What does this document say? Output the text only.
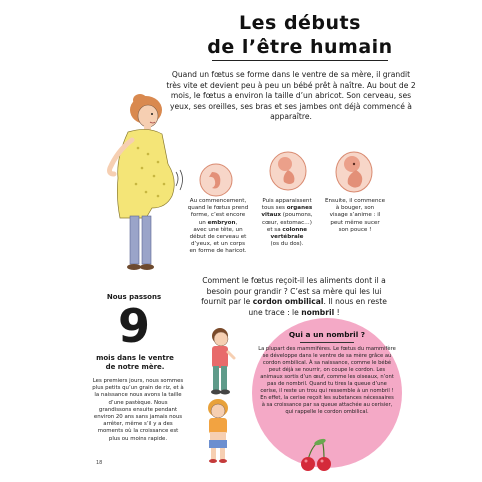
Les débuts
de l’être humain
Quand un fœtus se forme dans le ventre de sa mère, il grandit très vite et devient peu à peu un bébé prêt à naître. Au bout de 2 mois, le fœtus a environ la taille d’un abricot. Son cerveau, ses yeux, ses oreilles, ses bras et ses jambes ont déjà commencé à apparaître.
Au commencement,
quand le fœtus prend
forme, c’est encore
un embryon,
avec une tête, un
début de cerveau et
d’yeux, et un corps
en forme de haricot.
Puis apparaissent
tous ses organes
vitaux (poumons,
cœur, estomac…)
et sa colonne
vertébrale
(os du dos).
Ensuite, il commence
à bouger, son
visage s’anime : il
peut même sucer
son pouce !
Comment le fœtus reçoit-il les aliments dont il a besoin pour grandir ? C’est sa mère qui les lui fournit par le cordon ombilical. Il nous en reste une trace : le nombril !
Nous passons
9
mois dans le ventre de notre mère.
Les premiers jours, nous sommes plus petits qu’un grain de riz, et à la naissance nous avons la taille d’une pastèque. Nous grandissons ensuite pendant environ 20 ans sans jamais nous arrêter, même s’il y a des moments où la croissance est plus ou moins rapide.
Qui a un nombril ?
La plupart des mammifères. Le fœtus du mammifère se développe dans le ventre de sa mère grâce au cordon ombilical. À sa naissance, comme le bébé peut déjà se nourrir, on coupe le cordon. Les animaux sortis d’un œuf, comme les oiseaux, n’ont pas de nombril. Quand tu tires la queue d’une cerise, il reste un trou qui ressemble à un nombril ! En effet, la cerise reçoit les substances nécessaires à sa croissance par sa queue attachée au cerisier, qui rappelle le cordon ombilical.
18
